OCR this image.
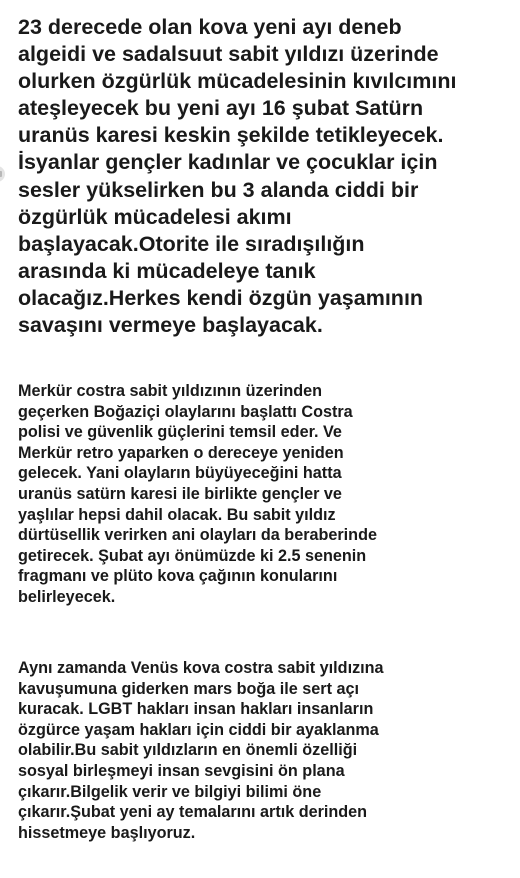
23 derecede olan kova yeni ayı deneb
algeidi ve sadalsuut sabit yıldızı üzerinde
olurken özgürlük mücadelesinin kıvılcımını
ateşleyecek bu yeni ayı 16 şubat Satürn
uranüs karesi keskin şekilde tetikleyecek.
İsyanlar gençler kadınlar ve çocuklar için
sesler yükselirken bu 3 alanda ciddi bir
özgürlük mücadelesi akımı
başlayacak.Otorite ile sıradışılığın
arasında ki mücadeleye tanık
olacağız.Herkes kendi özgün yaşamının
savaşını vermeye başlayacak.

Merkür costra sabit yıldızının üzerinden
geçerken Boğaziçi olaylarını başlattı Costra
polisi ve güvenlik güçlerini temsil eder. Ve
Merkür retro yaparken o dereceye yeniden
gelecek. Yani olayların büyüyeceğini hatta
uranüs satürn karesi ile birlikte gençler ve
yaşlılar hepsi dahil olacak. Bu sabit yıldız
dürtüsellik verirken ani olayları da beraberinde
getirecek. Şubat ayı önümüzde ki 2.5 senenin
fragmanı ve plüto kova çağının konularını
belirleyecek.

Aynı zamanda Venüs kova costra sabit yıldızına
kavuşumuna giderken mars boğa ile sert açı
kuracak. LGBT hakları insan hakları insanların
özgürce yaşam hakları için ciddi bir ayaklanma
olabilir.Bu sabit yıldızların en önemli özelliği
sosyal birleşmeyi insan sevgisini ön plana
çıkarır.Bilgelik verir ve bilgiyi bilimi öne
çıkarır.Şubat yeni ay temalarını artık derinden
hissetmeye başlıyoruz.
